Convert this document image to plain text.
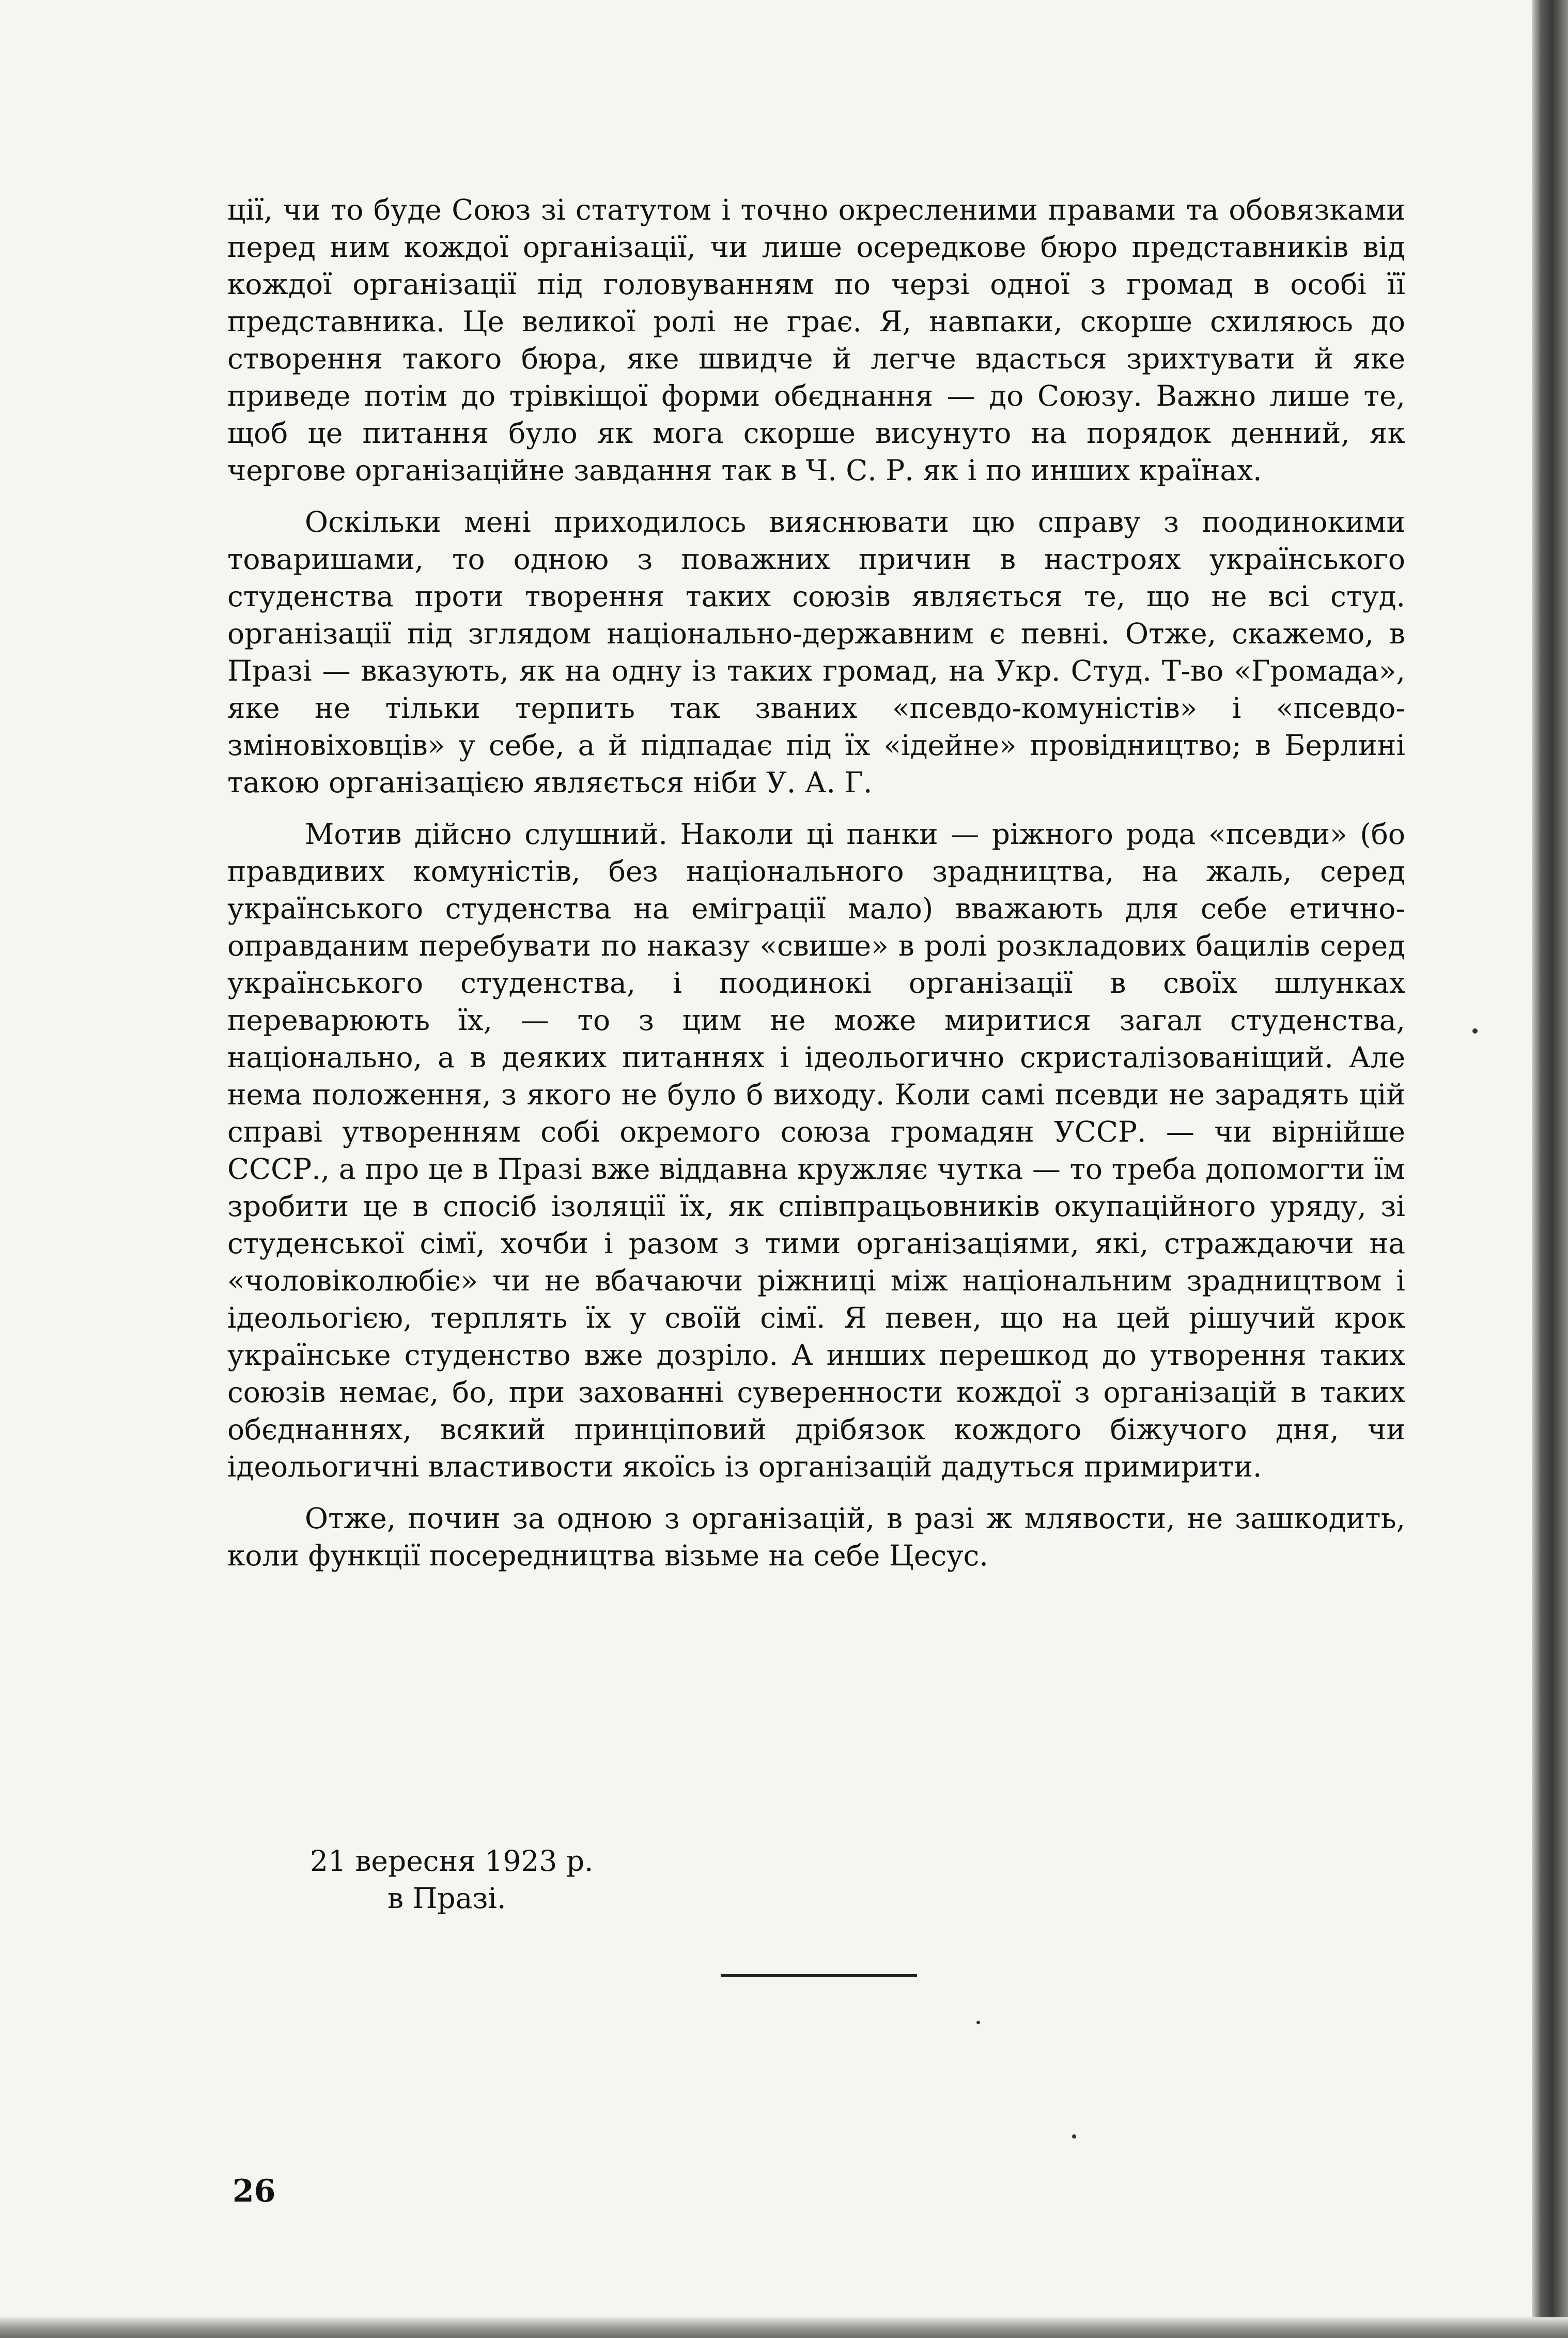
ції, чи то буде Союз зі статутом і точно окресленими правами та обовязками перед ним кождої організації, чи лише осередкове бюро представників від кождої організації під головуванням по черзі одної з громад в особі її представника. Це великої ролі не грає. Я, навпаки, скорше схиляюсь до створення такого бюра, яке швидче й легче вдасться зрихтувати й яке приведе потім до трівкіщої форми обєднання — до Союзу. Важно лише те, щоб це питання було як мога скорше висунуто на порядок денний, як чергове організаційне завдання так в Ч. С. Р. як і по инших країнах.

Оскільки мені приходилось вияснювати цю справу з поодинокими товаришами, то одною з поважних причин в настроях українського студенства проти творення таких союзів являється те, що не всі студ. організації під зглядом національно-державним є певні. Отже, скажемо, в Празі — вказують, як на одну із таких громад, на Укр. Студ. Т-во «Громада», яке не тільки терпить так званих «псевдо-комуністів» і «псевдо-зміновіховців» у себе, а й підпадає під їх «ідейне» провідництво; в Берлині такою організацією являється ніби У. А. Г.

Мотив дійсно слушний. Наколи ці панки — ріжного рода «псевди» (бо правдивих комуністів, без національного зрадництва, на жаль, серед українського студенства на еміграції мало) вважають для себе етично-оправданим перебувати по наказу «свише» в ролі розкладових бацилів серед українського студенства, і поодинокі організації в своїх шлунках переварюють їх, — то з цим не може миритися загал студенства, національно, а в деяких питаннях і ідеольогично скристалізованіщий. Але нема положення, з якого не було б виходу. Коли самі псевди не зарадять цій справі утворенням собі окремого союза громадян УССР. — чи вірнійше СССР., а про це в Празі вже віддавна кружляє чутка — то треба допомогти їм зробити це в спосіб ізоляції їх, як співпрацьовників окупаційного уряду, зі студенської сімї, хочби і разом з тими організаціями, які, страждаючи на «чоловіколюбіє» чи не вбачаючи ріжниці між національним зрадництвом і ідеольогією, терплять їх у своїй сімї. Я певен, що на цей рішучий крок українське студенство вже дозріло. А инших перешкод до утворення таких союзів немає, бо, при захованні суверенности кождої з організацій в таких обєднаннях, всякий принціповий дрібязок кождого біжучого дня, чи ідеольогичні властивости якоїсь із організацій дадуться примирити.

Отже, почин за одною з організацій, в разі ж млявости, не зашкодить, коли функції посередництва візьме на себе Цесус.

21 вересня 1923 р.
в Празі.
26
